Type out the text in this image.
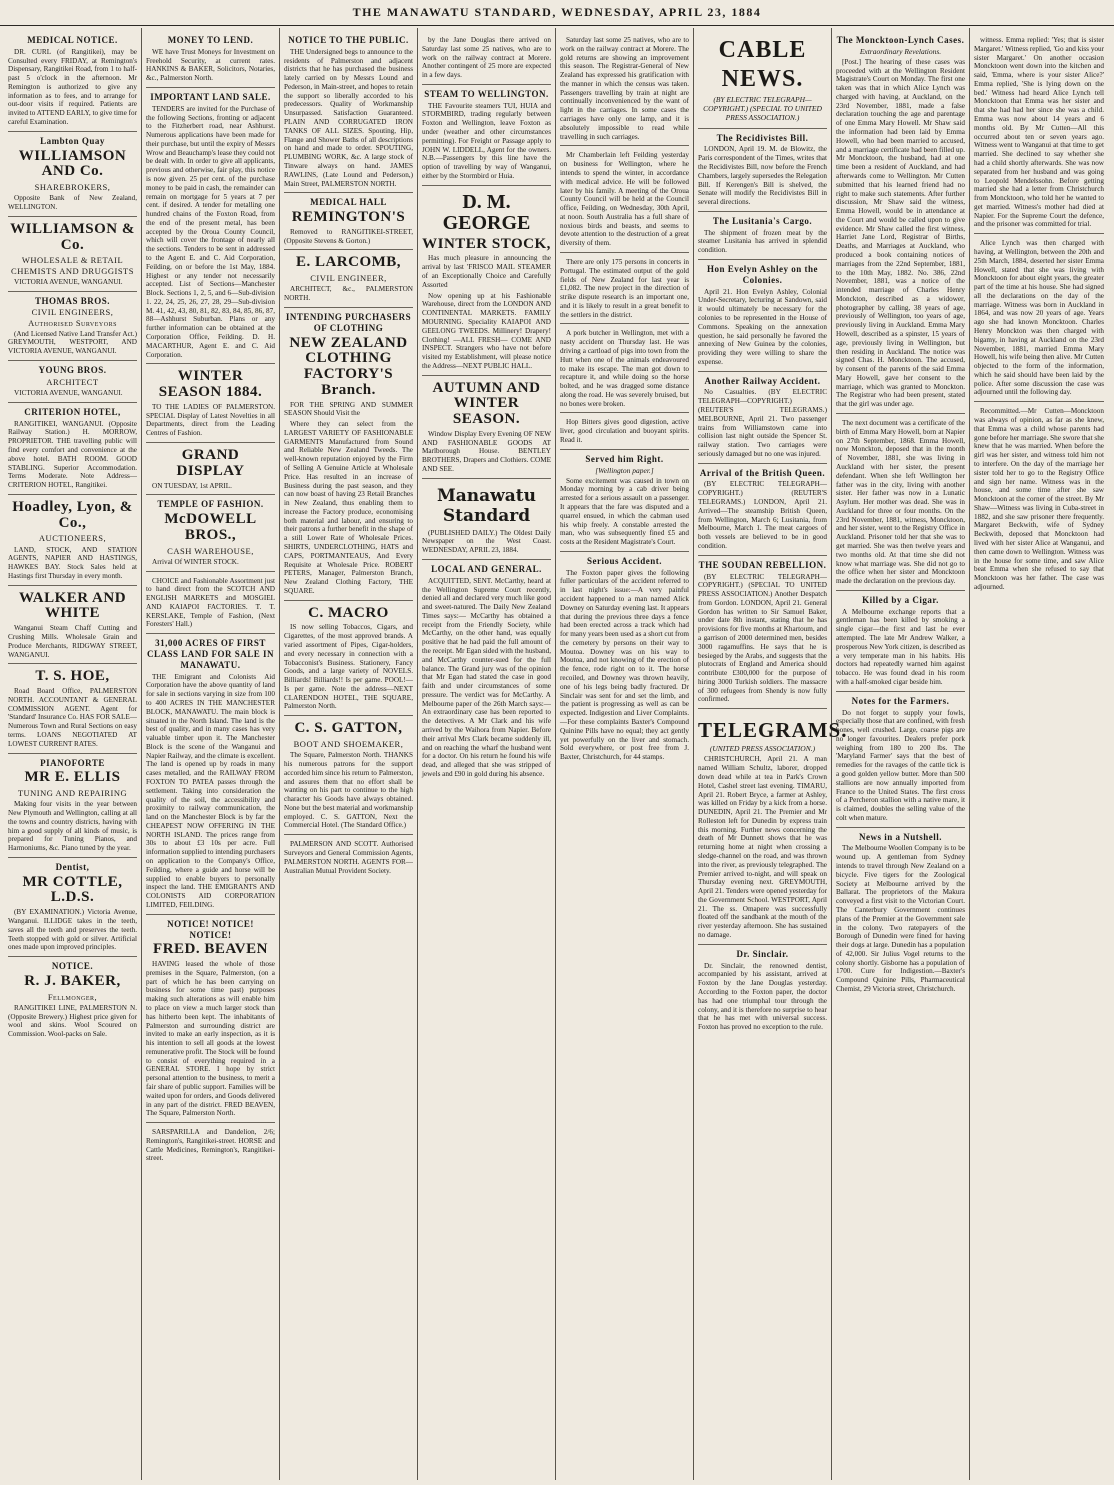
THE MANAWATU STANDARD, WEDNESDAY, APRIL 23, 1884
MEDICAL NOTICE.
DR. CURL (of Rangitikei), may be Consulted every FRIDAY, at Remington's Dispensary, Rangitikei Road, from 1 to half-past 5 o'clock in the afternoon. Mr Remington is authorized to give any information as to fees, and to arrange for out-door visits if required. Patients are invited to ATTEND EARLY, to give time for careful Examination.
Lambton Quay
WILLIAMSON AND Co.
SHAREBROKERS,
Opposite Bank of New Zealand, WELLINGTON.
WILLIAMSON & Co.
WHOLESALE & RETAIL CHEMISTS AND DRUGGISTS
VICTORIA AVENUE, WANGANUI.
THOMAS BROS.
CIVIL ENGINEERS, Authorised Surveyors
(And Licensed Native Land Transfer Act.) GREYMOUTH, WESTPORT, AND VICTORIA AVENUE, WANGANUI.
YOUNG BROS.
ARCHITECT
VICTORIA AVENUE, WANGANUI.
CRITERION HOTEL,
RANGITIKEI, WANGANUI. (Opposite Railway Station.) H. MORROW, PROPRIETOR. THE travelling public will find every comfort and convenience at the above hotel. BATH ROOM. GOOD STABLING. Superior Accommodation. Terms Moderate. Note Address— CRITERION HOTEL, Rangitikei.
Hoadley, Lyon, & Co.,
AUCTIONEERS,
LAND, STOCK, AND STATION AGENTS, NAPIER AND HASTINGS, HAWKES BAY. Stock Sales held at Hastings first Thursday in every month.
WALKER AND WHITE
Wanganui Steam Chaff Cutting and Crushing Mills. Wholesale Grain and Produce Merchants, RIDGWAY STREET, WANGANUI.
T. S. HOE,
Road Board Office, PALMERSTON NORTH. ACCOUNTANT & GENERAL COMMISSION AGENT. Agent for 'Standard' Insurance Co. HAS FOR SALE—Numerous Town and Rural Sections on easy terms. LOANS NEGOTIATED AT LOWEST CURRENT RATES.
PIANOFORTE
MR E. ELLIS
TUNING AND REPAIRING
Making four visits in the year between New Plymouth and Wellington, calling at all the towns and country districts, having with him a good supply of all kinds of music, is prepared for Tuning Pianos, and Harmoniums, &c. Piano tuned by the year.
Dentist,
MR COTTLE, L.D.S.
(BY EXAMINATION.) Victoria Avenue, Wanganui. ILLIDGE takes in the teeth, saves all the teeth and preserves the teeth. Teeth stopped with gold or silver. Artificial ones made upon improved principles.
NOTICE.
R. J. BAKER,
Fellmonger,
RANGITIKEI LINE, PALMERSTON N. (Opposite Brewery.) Highest price given for wool and skins. Wool Scoured on Commission. Wool-packs on Sale.
MONEY TO LEND.
WE have Trust Moneys for Investment on Freehold Security, at current rates. HANKINS & BAKER, Solicitors, Notaries, &c., Palmerston North.
IMPORTANT LAND SALE.
TENDERS are invited for the Purchase of the following Sections, fronting or adjacent to the Fitzherbert road, near Ashhurst. Numerous applications have been made for their purchase, but until the expiry of Messrs Wrow and Beauchamp's lease they could not be dealt with. In order to give all applicants, previous and otherwise, fair play, this notice is now given. 25 per cent. of the purchase money to be paid in cash, the remainder can remain on mortgage for 5 years at 7 per cent. if desired. A tender for metalling one hundred chains of the Foxton Road, from the end of the present metal, has been accepted by the Oroua County Council, which will cover the frontage of nearly all the sections. Tenders to be sent in addressed to the Agent E. and C. Aid Corporation, Feilding, on or before the 1st May, 1884. Highest or any tender not necessarily accepted. List of Sections—Manchester Block. Sections 1, 2, 5, and 6—Sub-division 1. 22, 24, 25, 26, 27, 28, 29—Sub-division M. 41, 42, 43, 80, 81, 82, 83, 84, 85, 86, 87, 88—Ashhurst Suburban. Plans or any further information can be obtained at the Corporation Office, Feilding. D. H. MACARTHUR, Agent E. and C. Aid Corporation.
WINTER SEASON 1884.
TO THE LADIES OF PALMERSTON. SPECIAL Display of Latest Novelties in all Departments, direct from the Leading Centres of Fashion.
GRAND DISPLAY
ON TUESDAY, 1st APRIL.
TEMPLE OF FASHION.
McDOWELL BROS.,
CASH WAREHOUSE,
Arrival Of WINTER STOCK.
CHOICE and Fashionable Assortment just to hand direct from the SCOTCH AND ENGLISH MARKETS and MOSGIEL AND KAIAPOI FACTORIES. T. T. KERSLAKE, Temple of Fashion, (Next Foresters' Hall.)
31,000 ACRES OF FIRST CLASS LAND FOR SALE IN MANAWATU.
THE Emigrant and Colonists Aid Corporation have the above quantity of land for sale in sections varying in size from 100 to 400 ACRES IN THE MANCHESTER BLOCK, MANAWATU. The main block is situated in the North Island. The land is the best of quality, and in many cases has very valuable timber upon it. The Manchester Block is the scene of the Wanganui and Napier Railway, and the climate is excellent. The land is opened up by roads in many cases metalled, and the RAILWAY FROM FOXTON TO PATEA passes through the settlement. Taking into consideration the quality of the soil, the accessibility and proximity to railway communication, the land on the Manchester Block is by far the CHEAPEST NOW OFFERING IN THE NORTH ISLAND. The prices range from 30s to about £3 10s per acre. Full information supplied to intending purchasers on application to the Company's Office, Feilding, where a guide and horse will be supplied to enable buyers to personally inspect the land. THE EMIGRANTS AND COLONISTS AID CORPORATION LIMITED, FEILDING.
NOTICE! NOTICE! NOTICE!
FRED. BEAVEN
HAVING leased the whole of those premises in the Square, Palmerston, (on a part of which he has been carrying on business for some time past) purposes making such alterations as will enable him to place on view a much larger stock than has hitherto been kept. The inhabitants of Palmerston and surrounding district are invited to make an early inspection, as it is his intention to sell all goods at the lowest remunerative profit. The Stock will be found to consist of everything required in a GENERAL STORE. I hope by strict personal attention to the business, to merit a fair share of public support. Families will be waited upon for orders, and Goods delivered in any part of the district. FRED BEAVEN, The Square, Palmerston North.
SARSPARILLA and Dandelion, 2/6; Remington's, Rangitikei-street. HORSE and Cattle Medicines, Remington's, Rangitikei-street.
NOTICE TO THE PUBLIC.
THE Undersigned begs to announce to the residents of Palmerston and adjacent districts that he has purchased the business lately carried on by Messrs Lound and Pederson, in Main-street, and hopes to retain the support so liberally accorded to his predecessors. Quality of Workmanship Unsurpassed. Satisfaction Guaranteed. PLAIN AND CORRUGATED IRON TANKS OF ALL SIZES. Spouting, Hip, Flange and Shower Baths of all descriptions on hand and made to order. SPOUTING, PLUMBING WORK, &c. A large stock of Tinware always on hand. JAMES RAWLINS, (Late Lound and Pederson,) Main Street, PALMERSTON NORTH.
MEDICAL HALL
REMINGTON'S
Removed to RANGITIKEI-STREET, (Opposite Stevens & Gorton.)
E. LARCOMB,
CIVIL ENGINEER,
ARCHITECT, &c., PALMERSTON NORTH.
INTENDING PURCHASERS OF CLOTHING
NEW ZEALAND CLOTHING FACTORY'S Branch.
FOR THE SPRING AND SUMMER SEASON Should Visit the
Where they can select from the LARGEST VARIETY OF FASHIONABLE GARMENTS Manufactured from Sound and Reliable New Zealand Tweeds. The well-known reputation enjoyed by the Firm of Selling A Genuine Article at Wholesale Price. Has resulted in an increase of Business during the past season, and they can now boast of having 23 Retail Branches in New Zealand, thus enabling them to increase the Factory produce, economising both material and labour, and ensuring to their patrons a further benefit in the shape of a still Lower Rate of Wholesale Prices. SHIRTS, UNDERCLOTHING, HATS and CAPS, PORTMANTEAUS, And Every Requisite at Wholesale Price. ROBERT PETERS, Manager, Palmerston Branch, New Zealand Clothing Factory, THE SQUARE.
C. MACRO
IS now selling Tobaccos, Cigars, and Cigarettes, of the most approved brands. A varied assortment of Pipes, Cigar-holders, and every necessary in connection with a Tobacconist's Business. Stationery, Fancy Goods, and a large variety of NOVELS. Billiards! Billiards!! Is per game. POOL!—Is per game. Note the address—NEXT CLARENDON HOTEL, THE SQUARE, Palmerston North.
C. S. GATTON,
BOOT AND SHOEMAKER,
The Square, Palmerston North. THANKS his numerous patrons for the support accorded him since his return to Palmerston, and assures them that no effort shall be wanting on his part to continue to the high character his Goods have always obtained. None but the best material and workmanship employed. C. S. GATTON, Next the Commercial Hotel. (The Standard Office.)
PALMERSON AND SCOTT. Authorised Surveyors and General Commission Agents, PALMERSTON NORTH. AGENTS FOR—Australian Mutual Provident Society.
by the Jane Douglas there arrived on Saturday last some 25 natives, who are to work on the railway contract at Morere. Another contingent of 25 more are expected in a few days.
STEAM TO WELLINGTON.
THE Favourite steamers TUI, HUIA and STORMBIRD, trading regularly between Foxton and Wellington, leave Foxton as under (weather and other circumstances permitting). For Freight or Passage apply to JOHN W. LIDDELL, Agent for the owners. N.B.—Passengers by this line have the option of travelling by way of Wanganui, either by the Stormbird or Huia.
D. M. GEORGE
WINTER STOCK,
Has much pleasure in announcing the arrival by last 'FRISCO MAIL STEAMER of an Exceptionally Choice and Carefully Assorted
Now opening up at his Fashionable Warehouse, direct from the LONDON AND CONTINENTAL MARKETS. FAMILY MOURNING. Speciality KAIAPOI AND GEELONG TWEEDS. Millinery! Drapery! Clothing! —ALL FRESH— COME AND INSPECT. Strangers who have not before visited my Establishment, will please notice the Address—NEXT PUBLIC HALL.
AUTUMN AND WINTER SEASON.
Window Display Every Evening OF NEW AND FASHIONABLE GOODS AT Marlborough House. BENTLEY BROTHERS, Drapers and Clothiers. COME AND SEE.
Manawatu Standard
(PUBLISHED DAILY.) The Oldest Daily Newspaper on the West Coast. WEDNESDAY, APRIL 23, 1884.
LOCAL AND GENERAL.
ACQUITTED, SENT. McCarthy, heard at the Wellington Supreme Court recently, denied all and declared very much like good and sweet-natured. The Daily New Zealand Times says:— McCarthy has obtained a receipt from the Friendly Society, while McCarthy, on the other hand, was equally positive that he had paid the full amount of the receipt. Mr Egan sided with the husband, and McCarthy counter-sued for the full balance. The Grand jury was of the opinion that Mr Egan had stated the case in good faith and under circumstances of some pressure. The verdict was for McCarthy. A Melbourne paper of the 26th March says:—An extraordinary case has been reported to the detectives. A Mr Clark and his wife arrived by the Waihora from Napier. Before their arrival Mrs Clark became suddenly ill, and on reaching the wharf the husband went for a doctor. On his return he found his wife dead, and alleged that she was stripped of jewels and £90 in gold during his absence.
Saturday last some 25 natives, who are to work on the railway contract at Morere. The gold returns are showing an improvement this season. The Registrar-General of New Zealand has expressed his gratification with the manner in which the census was taken. Passengers travelling by train at night are continually inconvenienced by the want of light in the carriages. In some cases the carriages have only one lamp, and it is absolutely impossible to read while travelling in such carriages.
Mr Chamberlain left Feilding yesterday on business for Wellington, where he intends to spend the winter, in accordance with medical advice. He will be followed later by his family. A meeting of the Oroua County Council will be held at the Council office, Feilding, on Wednesday, 30th April, at noon. South Australia has a full share of noxious birds and beasts, and seems to devote attention to the destruction of a great diversity of them.
There are only 175 persons in concerts in Portugal. The estimated output of the gold fields of New Zealand for last year is £1,082. The new project in the direction of strike dispute research is an important one, and it is likely to result in a great benefit to the settlers in the district.
A pork butcher in Wellington, met with a nasty accident on Thursday last. He was driving a cartload of pigs into town from the Hutt when one of the animals endeavoured to make its escape. The man got down to recapture it, and while doing so the horse bolted, and he was dragged some distance along the road. He was severely bruised, but no bones were broken.
Hop Bitters gives good digestion, active liver, good circulation and buoyant spirits. Read it.
Served him Right.
[Wellington paper.]
Some excitement was caused in town on Monday morning by a cab driver being arrested for a serious assault on a passenger. It appears that the fare was disputed and a quarrel ensued, in which the cabman used his whip freely. A constable arrested the man, who was subsequently fined £5 and costs at the Resident Magistrate's Court.
Serious Accident.
The Foxton paper gives the following fuller particulars of the accident referred to in last night's issue:—A very painful accident happened to a man named Alick Downey on Saturday evening last. It appears that during the previous three days a fence had been erected across a track which had for many years been used as a short cut from the cemetery by persons on their way to Moutoa. Downey was on his way to Moutoa, and not knowing of the erection of the fence, rode right on to it. The horse recoiled, and Downey was thrown heavily, one of his legs being badly fractured. Dr Sinclair was sent for and set the limb, and the patient is progressing as well as can be expected. Indigestion and Liver Complaints.—For these complaints Baxter's Compound Quinine Pills have no equal; they act gently yet powerfully on the liver and stomach. Sold everywhere, or post free from J. Baxter, Christchurch, for 44 stamps.
CABLE NEWS.
(BY ELECTRIC TELEGRAPH—COPYRIGHT.) (SPECIAL TO UNITED PRESS ASSOCIATION.)
The Recidivistes Bill.
LONDON, April 19. M. de Blowitz, the Paris correspondent of the Times, writes that the Recidivistes Bill, now before the French Chambers, largely supersedes the Relegation Bill. If Kerengen's Bill is shelved, the Senate will modify the Recidivistes Bill in several directions.
The Lusitania's Cargo.
The shipment of frozen meat by the steamer Lusitania has arrived in splendid condition.
Hon Evelyn Ashley on the Colonies.
April 21. Hon Evelyn Ashley, Colonial Under-Secretary, lecturing at Sandown, said it would ultimately be necessary for the colonies to be represented in the House of Commons. Speaking on the annexation question, he said personally he favored the annexing of New Guinea by the colonies, providing they were willing to share the expense.
Another Railway Accident.
No Casualties. (BY ELECTRIC TELEGRAPH—COPYRIGHT.) (REUTER'S TELEGRAMS.) MELBOURNE, April 21. Two passenger trains from Williamstown came into collision last night outside the Spencer St. railway station. Two carriages were seriously damaged but no one was injured.
Arrival of the British Queen.
(BY ELECTRIC TELEGRAPH—COPYRIGHT.) (REUTER'S TELEGRAMS.) LONDON, April 21. Arrived—The steamship British Queen, from Wellington, March 6; Lusitania, from Melbourne, March 1. The meat cargoes of both vessels are believed to be in good condition.
THE SOUDAN REBELLION.
(BY ELECTRIC TELEGRAPH—COPYRIGHT.) (SPECIAL TO UNITED PRESS ASSOCIATION.) Another Despatch from Gordon. LONDON, April 21. General Gordon has written to Sir Samuel Baker, under date 8th instant, stating that he has provisions for five months at Khartoum, and a garrison of 2000 determined men, besides 3000 ragamuffins. He says that he is besieged by the Arabs, and suggests that the plutocrats of England and America should contribute £300,000 for the purpose of hiring 3000 Turkish soldiers. The massacre of 300 refugees from Shendy is now fully confirmed.
TELEGRAMS.
(UNITED PRESS ASSOCIATION.)
CHRISTCHURCH, April 21. A man named William Schultz, laborer, dropped down dead while at tea in Park's Crown Hotel, Cashel street last evening. TIMARU, April 21. Robert Bryce, a farmer at Ashley, was killed on Friday by a kick from a horse. DUNEDIN, April 21. The Premier and Mr Rolleston left for Dunedin by express train this morning. Further news concerning the death of Mr Dunnett shows that he was returning home at night when crossing a sledge-channel on the road, and was thrown into the river, as previously telegraphed. The Premier arrived to-night, and will speak on Thursday evening next. GREYMOUTH, April 21. Tenders were opened yesterday for the Government School. WESTPORT, April 21. The ss. Omapere was successfully floated off the sandbank at the mouth of the river yesterday afternoon. She has sustained no damage.
Dr. Sinclair.
Dr. Sinclair, the renowned dentist, accompanied by his assistant, arrived at Foxton by the Jane Douglas yesterday. According to the Foxton paper, the doctor has had one triumphal tour through the colony, and it is therefore no surprise to hear that he has met with universal success. Foxton has proved no exception to the rule.
The Moncktoon-Lynch Cases.
Extraordinary Revelations.
[Post.] The hearing of these cases was proceeded with at the Wellington Resident Magistrate's Court on Monday. The first one taken was that in which Alice Lynch was charged with having, at Auckland, on the 23rd November, 1881, made a false declaration touching the age and parentage of one Emma Mary Howell. Mr Shaw said the information had been laid by Emma Howell, who had been married to accused, and a marriage certificate had been filled up. Mr Moncktoon, the husband, had at one time been a resident of Auckland, and had afterwards come to Wellington. Mr Cutten submitted that his learned friend had no right to make such statements. After further discussion, Mr Shaw said the witness, Emma Howell, would be in attendance at the Court and would be called upon to give evidence. Mr Shaw called the first witness, Harriet Jane Lord, Registrar of Births, Deaths, and Marriages at Auckland, who produced a book containing notices of marriages from the 22nd September, 1881, to the 10th May, 1882. No. 386, 22nd November, 1881, was a notice of the intended marriage of Charles Henry Monckton, described as a widower, photographer by calling, 38 years of age, previously of Wellington, too years of age, previously living in Auckland. Emma Mary Howell, described as a spinster, 15 years of age, previously living in Wellington, but then residing in Auckland. The notice was signed Chas. H. Moncktoon. The accused, by consent of the parents of the said Emma Mary Howell, gave her consent to the marriage, which was granted to Monckton. The Registrar who had been present, stated that the girl was under age.
The next document was a certificate of the birth of Emma Mary Howell, born at Napier on 27th September, 1868. Emma Howell, now Monckton, deposed that in the month of November, 1881, she was living in Auckland with her sister, the present defendant. When she left Wellington her father was in the city, living with another sister. Her father was now in a Lunatic Asylum. Her mother was dead. She was in Auckland for three or four months. On the 23rd November, 1881, witness, Moncktoon, and her sister, went to the Registry Office in Auckland. Prisoner told her that she was to get married. She was then twelve years and two months old. At that time she did not know what marriage was. She did not go to the office when her sister and Moncktoon made the declaration on the previous day.
Killed by a Cigar.
A Melbourne exchange reports that a gentleman has been killed by smoking a single cigar—the first and last he ever attempted. The late Mr Andrew Walker, a prosperous New York citizen, is described as a very temperate man in his habits. His doctors had repeatedly warned him against tobacco. He was found dead in his room with a half-smoked cigar beside him.
Notes for the Farmers.
Do not forget to supply your fowls, especially those that are confined, with fresh bones, well crushed. Large, coarse pigs are no longer favourites. Dealers prefer pork weighing from 180 to 200 lbs. The 'Maryland Farmer' says that the best of remedies for the ravages of the cattle tick is a good golden yellow butter. More than 500 stallions are now annually imported from France to the United States. The first cross of a Percheron stallion with a native mare, it is claimed, doubles the selling value of the colt when mature.
News in a Nutshell.
The Melbourne Woollen Company is to be wound up. A gentleman from Sydney intends to travel through New Zealand on a bicycle. Five tigers for the Zoological Society at Melbourne arrived by the Ballarat. The proprietors of the Makura conveyed a first visit to the Victorian Court. The Canterbury Government continues plans of the Premier at the Government sale in the colony. Two ratepayers of the Borough of Dunedin were fined for having their dogs at large. Dunedin has a population of 42,000. Sir Julius Vogel returns to the colony shortly. Gisborne has a population of 1700. Cure for Indigestion.—Baxter's Compound Quinine Pills, Pharmaceutical Chemist, 29 Victoria street, Christchurch.
witness. Emma replied: 'Yes; that is sister Margaret.' Witness replied, 'Go and kiss your sister Margaret.' On another occasion Moncktoon went down into the kitchen and said, 'Emma, where is your sister Alice?' Emma replied, 'She is lying down on the bed.' Witness had heard Alice Lynch tell Moncktoon that Emma was her sister and that she had had her since she was a child. Emma was now about 14 years and 6 months old. By Mr Cutten—All this occurred about ten or seven years ago. Witness went to Wanganui at that time to get married. She declined to say whether she had a child shortly afterwards. She was now separated from her husband and was going to Leopold Mendelssohn. Before getting married she had a letter from Christchurch from Moncktoon, who told her he wanted to get married. Witness's mother had died at Napier. For the Supreme Court the defence, and the prisoner was committed for trial.
Alice Lynch was then charged with having, at Wellington, between the 20th and 25th March, 1884, deserted her sister Emma Howell, stated that she was living with Moncktoon for about eight years, the greater part of the time at his house. She had signed all the declarations on the day of the marriage. Witness was born in Auckland in 1864, and was now 20 years of age. Years ago she had known Moncktoon. Charles Henry Monckton was then charged with bigamy, in having at Auckland on the 23rd November, 1881, married Emma Mary Howell, his wife being then alive. Mr Cutten objected to the form of the information, which he said should have been laid by the police. After some discussion the case was adjourned until the following day.
Recommitted.—Mr Cutten—Moncktoon was always of opinion, as far as she knew, that Emma was a child whose parents had gone before her marriage. She swore that she knew that he was married. When before the girl was her sister, and witness told him not to interfere. On the day of the marriage her sister told her to go to the Registry Office and sign her name. Witness was in the house, and some time after she saw Moncktoon at the corner of the street. By Mr Shaw—Witness was living in Cuba-street in 1882, and she saw prisoner there frequently. Margaret Beckwith, wife of Sydney Beckwith, deposed that Moncktoon had lived with her sister Alice at Wanganui, and then came down to Wellington. Witness was in the house for some time, and saw Alice beat Emma when she refused to say that Moncktoon was her father. The case was adjourned.
